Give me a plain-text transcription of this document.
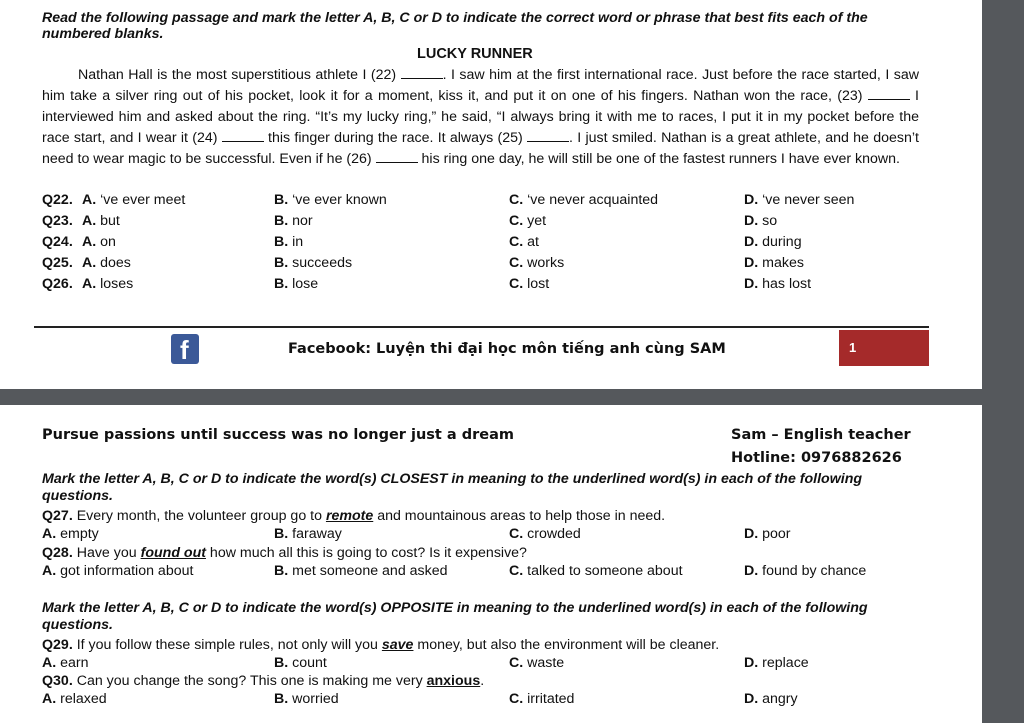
Read the following passage and mark the letter A, B, C or D to indicate the correct word or phrase that best fits each of the numbered blanks.
LUCKY RUNNER
Nathan Hall is the most superstitious athlete I (22)	. I saw him at the first international race. Just before the race started, I saw him take a silver ring out of his pocket, look it for a moment, kiss it, and put it on one of his fingers. Nathan won the race, (23)	I interviewed him and asked about the ring. “It’s my lucky ring,” he said, “I always bring it with me to races, I put it in my pocket before the race start, and I wear it (24)	this finger during the race. It always (25)	. I just smiled. Nathan is a great athlete, and he doesn’t need to wear magic to be successful. Even if he (26)	his ring one day, he will still be one of the fastest runners I have ever known.
Q22. A. ‘ve ever meet	B. ‘ve ever known	C. ‘ve never acquainted	D. ‘ve never seen
Q23. A. but	B. nor	C. yet	D. so
Q24. A. on	B. in	C. at	D. during
Q25. A. does	B. succeeds	C. works	D. makes
Q26. A. loses	B. lose	C. lost	D. has lost
f	Facebook: Luyện thi đại học môn tiếng anh cùng SAM	1
Pursue passions until success was no longer just a dream	Sam – English teacher
Hotline: 0976882626
Mark the letter A, B, C or D to indicate the word(s) CLOSEST in meaning to the underlined word(s) in each of the following questions.
Q27. Every month, the volunteer group go to remote and mountainous areas to help those in need.
A. empty	B. faraway	C. crowded	D. poor
Q28. Have you found out how much all this is going to cost? Is it expensive?
A. got information about	B. met someone and asked	C. talked to someone about	D. found by chance
Mark the letter A, B, C or D to indicate the word(s) OPPOSITE in meaning to the underlined word(s) in each of the following questions.
Q29. If you follow these simple rules, not only will you save money, but also the environment will be cleaner.
A. earn	B. count	C. waste	D. replace
Q30. Can you change the song? This one is making me very anxious.
A. relaxed	B. worried	C. irritated	D. angry
